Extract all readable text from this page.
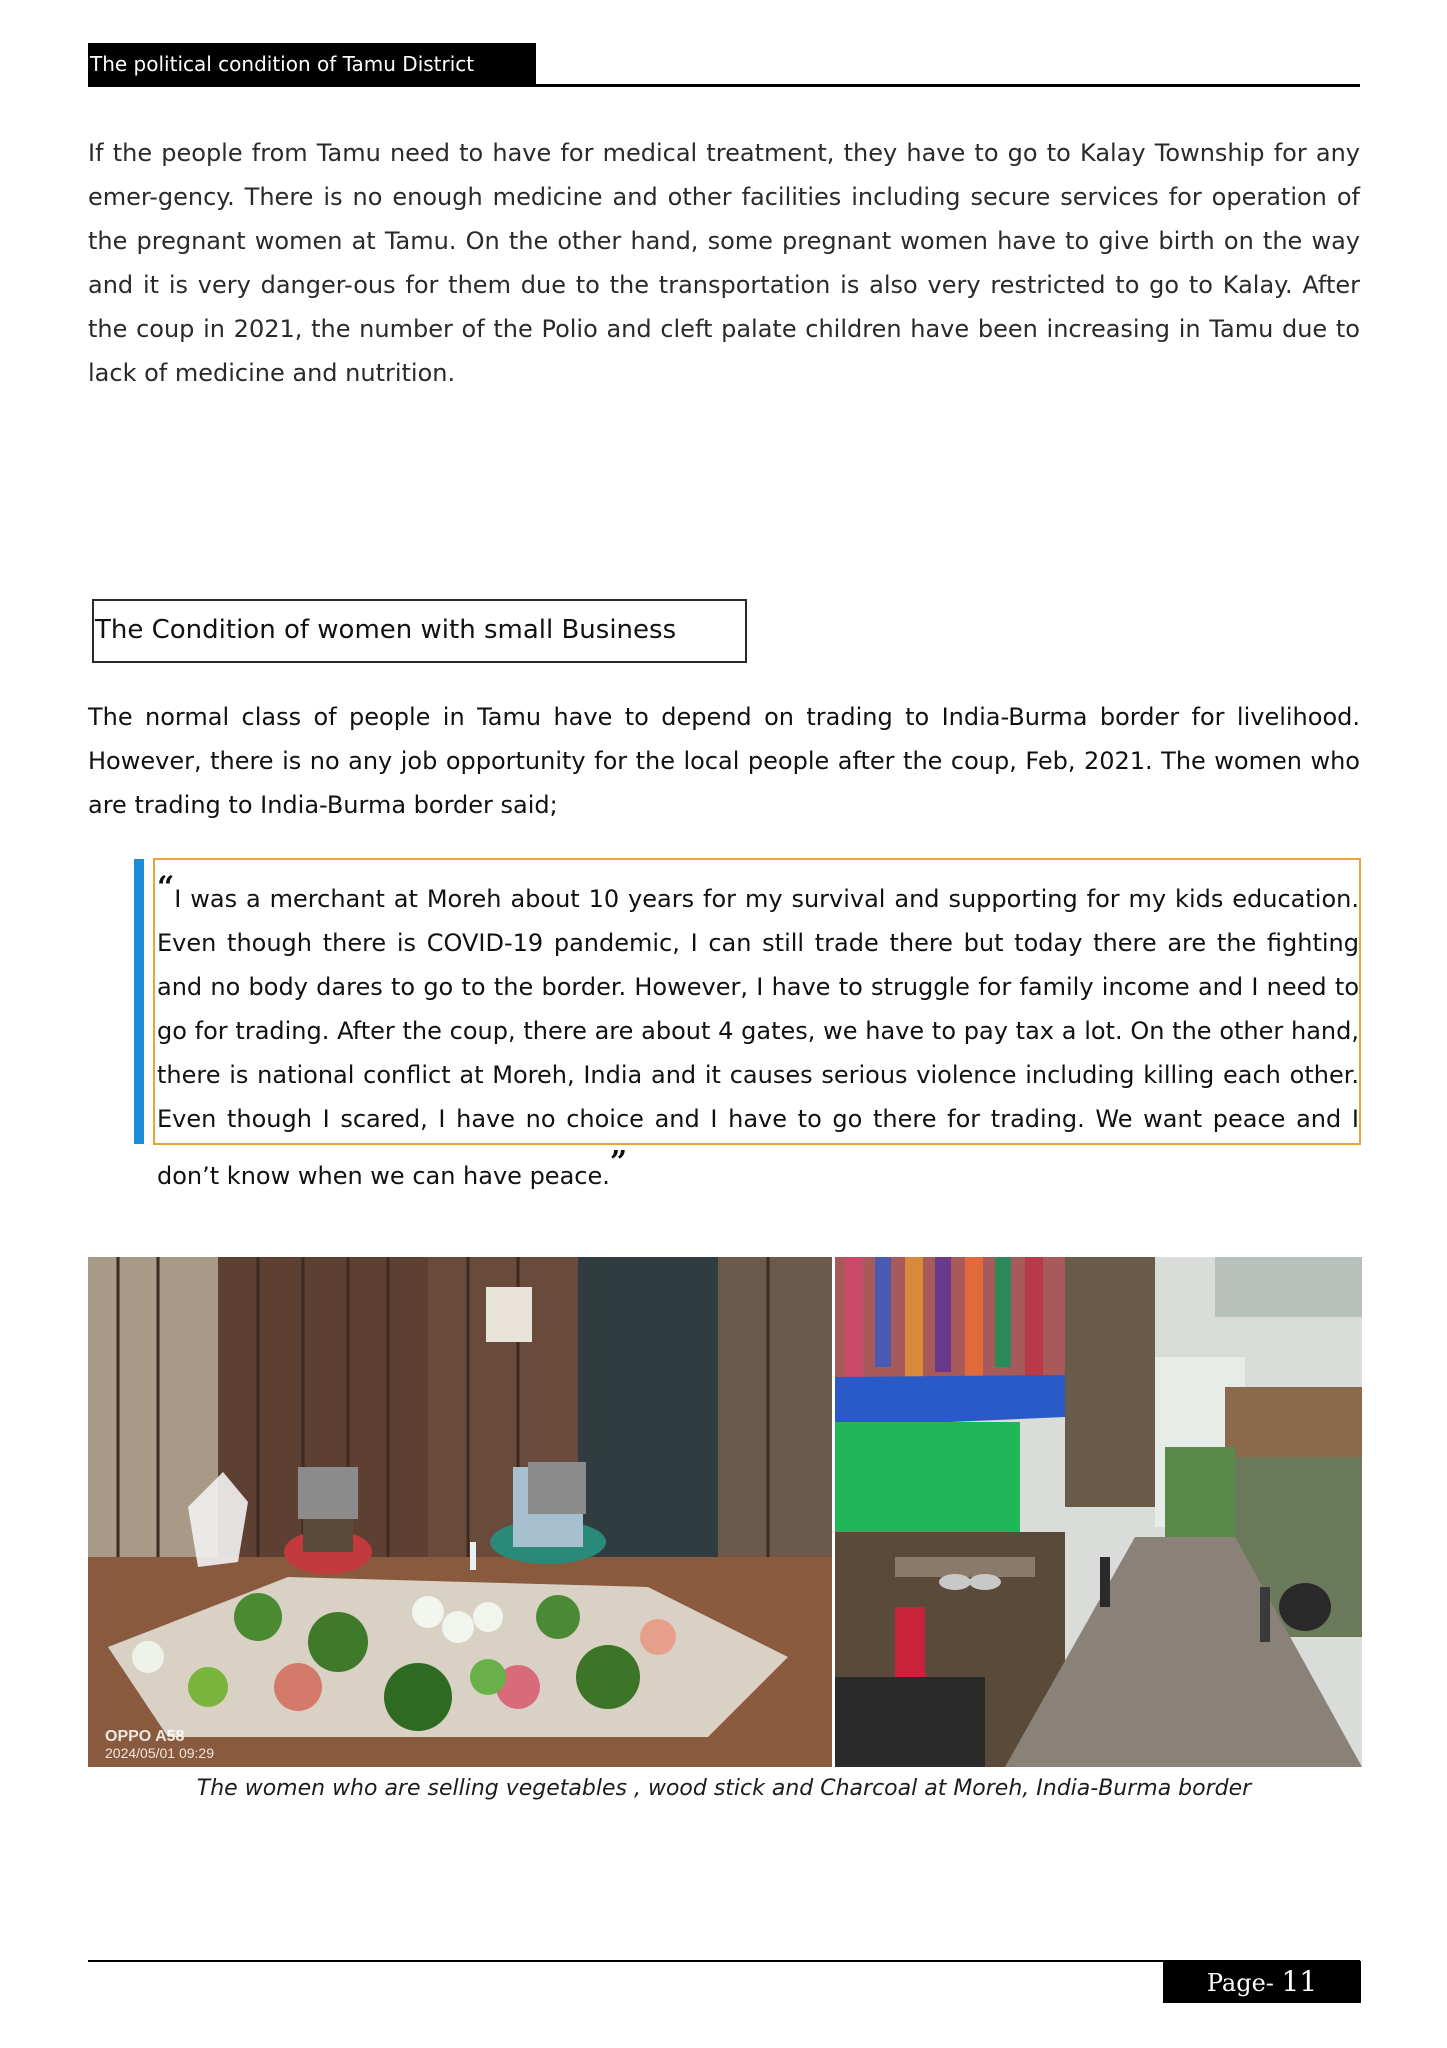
The political condition of Tamu District

If the people from Tamu need to have for medical treatment, they have to go to Kalay Township for any emer-gency. There is no enough medicine and other facilities including secure services for operation of the pregnant women at Tamu. On the other hand, some pregnant women have to give birth on the way and it is very danger-ous for them due to the transportation is also very restricted to go to Kalay. After the coup in 2021, the number of the Polio and cleft palate children have been increasing in Tamu due to lack of medicine and nutrition.

The Condition of women with small Business

The normal class of people in Tamu have to depend on trading to India-Burma border for livelihood. However, there is no any job opportunity for the local people after the coup, Feb, 2021. The women who are trading to India-Burma border said;

“I was a merchant at Moreh about 10 years for my survival and supporting for my kids education. Even though there is COVID-19 pandemic, I can still trade there but today there are the fighting and no body dares to go to the border. However, I have to struggle for family income and I need to go for trading. After the coup, there are about 4 gates, we have to pay tax a lot. On the other hand, there is national conflict at Moreh, India and it causes serious violence including killing each other. Even though I scared, I have no choice and I have to go there for trading. We want peace and I don’t know when we can have peace.”

OPPO A58
2024/05/01 09:29
The women who are selling vegetables , wood stick and Charcoal at Moreh, India-Burma border
Page- 11
